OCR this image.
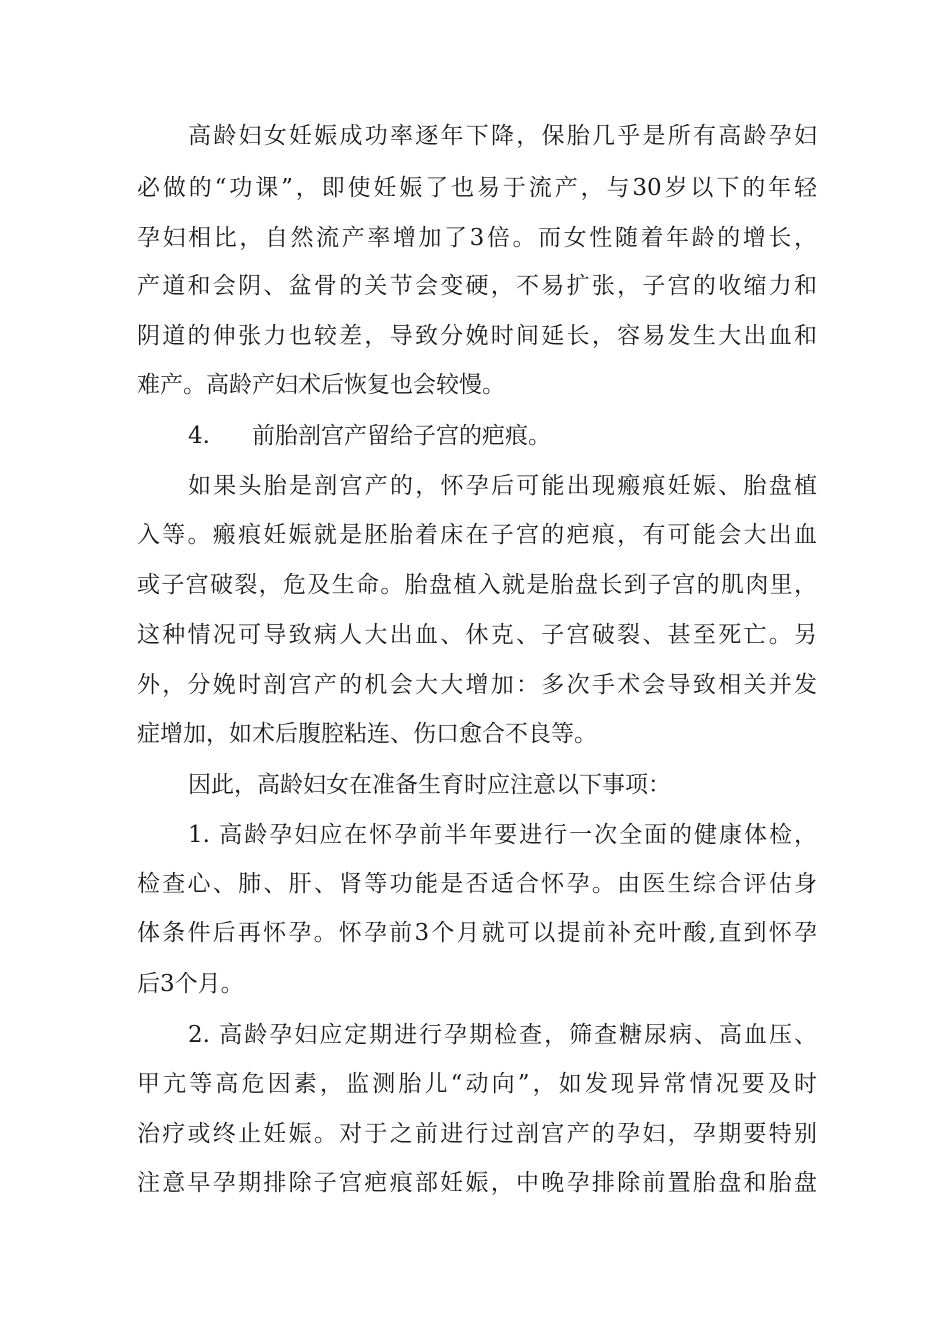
高龄妇女妊娠成功率逐年下降，保胎几乎是所有高龄孕妇
必做的“功课”，即使妊娠了也易于流产，与30岁以下的年轻
孕妇相比，自然流产率增加了3倍。而女性随着年龄的增长，
产道和会阴、盆骨的关节会变硬，不易扩张，子宫的收缩力和
阴道的伸张力也较差，导致分娩时间延长，容易发生大出血和
难产。高龄产妇术后恢复也会较慢。
4. 前胎剖宫产留给子宫的疤痕。
如果头胎是剖宫产的，怀孕后可能出现瘢痕妊娠、胎盘植
入等。瘢痕妊娠就是胚胎着床在子宫的疤痕，有可能会大出血
或子宫破裂，危及生命。胎盘植入就是胎盘长到子宫的肌肉里，
这种情况可导致病人大出血、休克、子宫破裂、甚至死亡。另
外，分娩时剖宫产的机会大大增加：多次手术会导致相关并发
症增加，如术后腹腔粘连、伤口愈合不良等。
因此，高龄妇女在准备生育时应注意以下事项：
1. 高龄孕妇应在怀孕前半年要进行一次全面的健康体检，
检查心、肺、肝、肾等功能是否适合怀孕。由医生综合评估身
体条件后再怀孕。怀孕前3个月就可以提前补充叶酸,直到怀孕
后3个月。
2. 高龄孕妇应定期进行孕期检查，筛查糖尿病、高血压、
甲亢等高危因素，监测胎儿“动向”，如发现异常情况要及时
治疗或终止妊娠。对于之前进行过剖宫产的孕妇，孕期要特别
注意早孕期排除子宫疤痕部妊娠，中晚孕排除前置胎盘和胎盘
